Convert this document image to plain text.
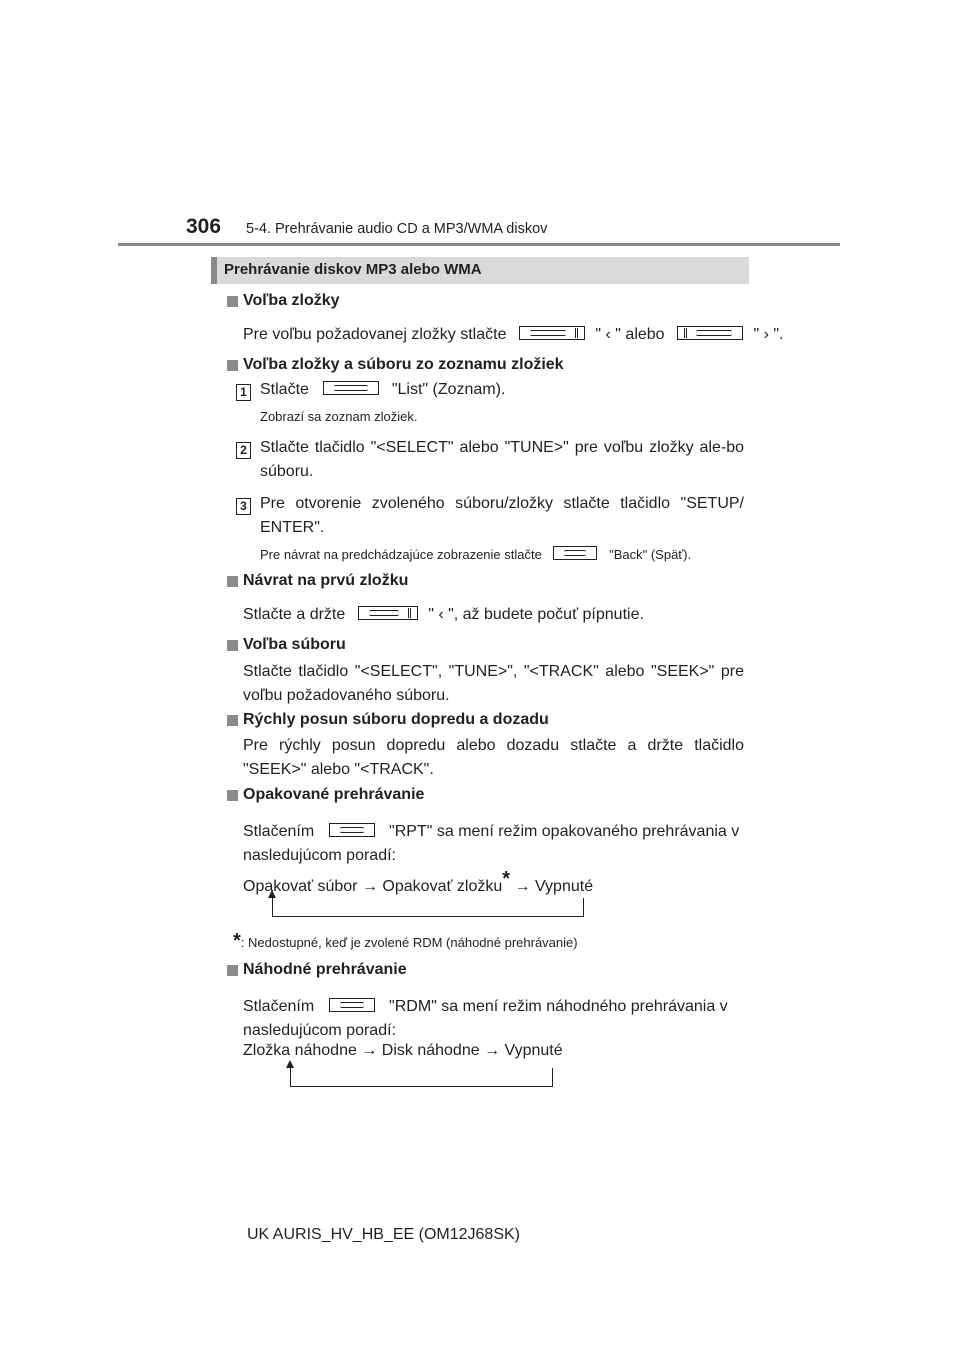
306 5-4. Prehrávanie audio CD a MP3/WMA diskov
Prehrávanie diskov MP3 alebo WMA
Voľba zložky
Pre voľbu požadovanej zložky stlačte	" ‹ " alebo	" › ".
Voľba zložky a súboru zo zoznamu zložiek
1 Stlačte	"List" (Zoznam).
Zobrazí sa zoznam zložiek.
2 Stlačte tlačidlo "<SELECT" alebo "TUNE>" pre voľbu zložky ale-bo súboru.
3 Pre otvorenie zvoleného súboru/zložky stlačte tlačidlo "SETUP/ ENTER".
Pre návrat na predchádzajúce zobrazenie stlačte	"Back" (Späť).
Návrat na prvú zložku
Stlačte a držte	" ‹ ", až budete počuť pípnutie.
Voľba súboru
Stlačte tlačidlo "<SELECT", "TUNE>", "<TRACK" alebo "SEEK>" pre voľbu požadovaného súboru.
Rýchly posun súboru dopredu a dozadu
Pre rýchly posun dopredu alebo dozadu stlačte a držte tlačidlo "SEEK>" alebo "<TRACK".
Opakované prehrávanie
Stlačením	"RPT" sa mení režim opakovaného prehrávania v nasledujúcom poradí:
Opakovať súbor → Opakovať zložku* → Vypnuté
*: Nedostupné, keď je zvolené RDM (náhodné prehrávanie)
Náhodné prehrávanie
Stlačením	"RDM" sa mení režim náhodného prehrávania v nasledujúcom poradí:
Zložka náhodne → Disk náhodne → Vypnuté
UK AURIS_HV_HB_EE (OM12J68SK)
